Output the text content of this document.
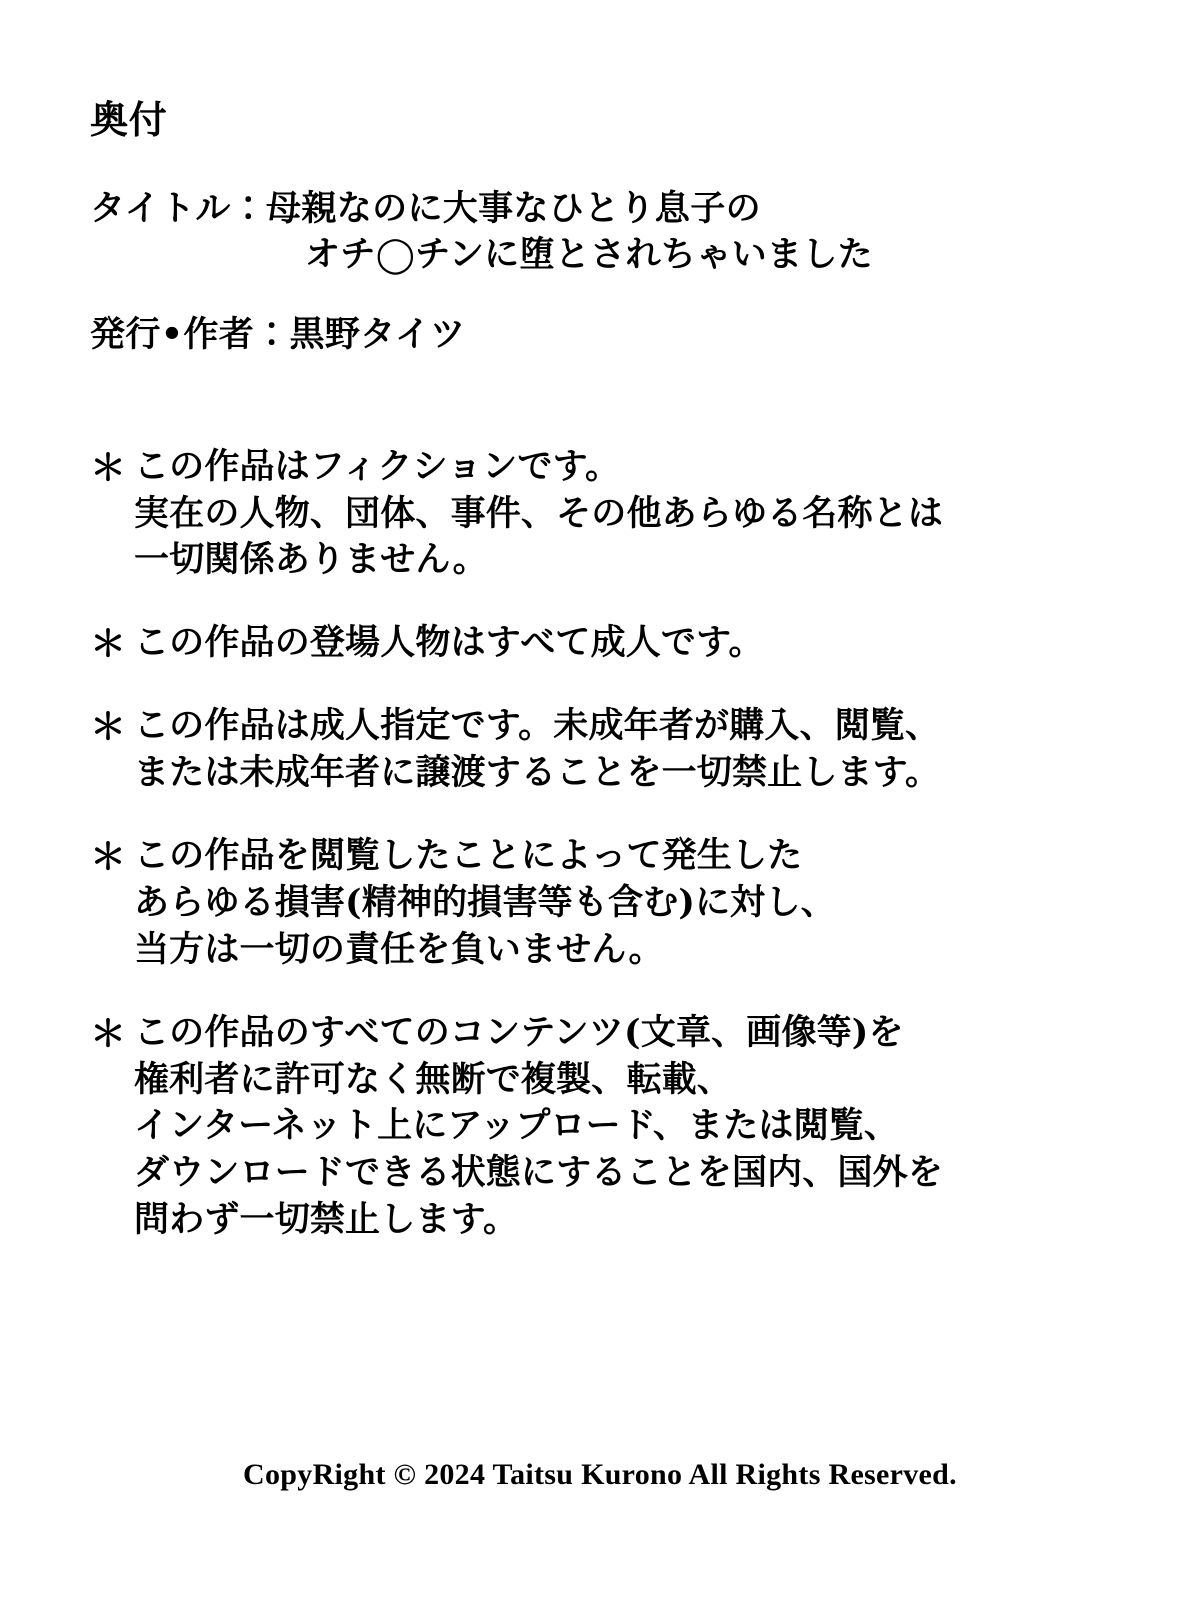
奥付
タイトル：母親なのに大事なひとり息子の
オチ◯チンに堕とされちゃいました
発行•作者：黒野タイツ
＊ この作品はフィクションです。
実在の人物、団体、事件、その他あらゆる名称とは
一切関係ありません。
＊ この作品の登場人物はすべて成人です。
＊ この作品は成人指定です。未成年者が購入、閲覧、
または未成年者に譲渡することを一切禁止します。
＊ この作品を閲覧したことによって発生した
あらゆる損害(精神的損害等も含む)に対し、
当方は一切の責任を負いません。
＊ この作品のすべてのコンテンツ(文章、画像等)を
権利者に許可なく無断で複製、転載、
インターネット上にアップロード、または閲覧、
ダウンロードできる状態にすることを国内、国外を
問わず一切禁止します。
CopyRight © 2024 Taitsu Kurono All Rights Reserved.
